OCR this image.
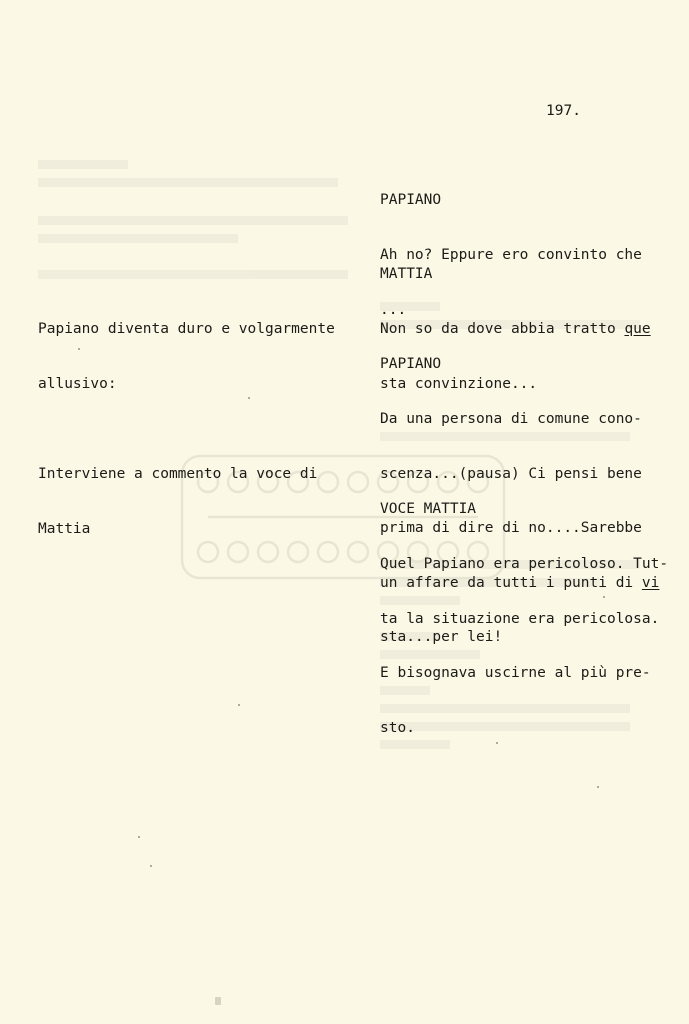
197.

Papiano diventa duro e volgarmente

allusivo:

Interviene a commento la voce di

Mattia

PAPIANO

Ah no? Eppure ero convinto che

...

MATTIA

Non so da dove abbia tratto que

sta convinzione...

PAPIANO

Da una persona di comune cono-

scenza...(pausa) Ci pensi bene

prima di dire di no....Sarebbe

un affare da tutti i punti di vi

sta...per lei!

VOCE MATTIA

Quel Papiano era pericoloso. Tut-

ta la situazione era pericolosa.

E bisognava uscirne al più pre-

sto.
